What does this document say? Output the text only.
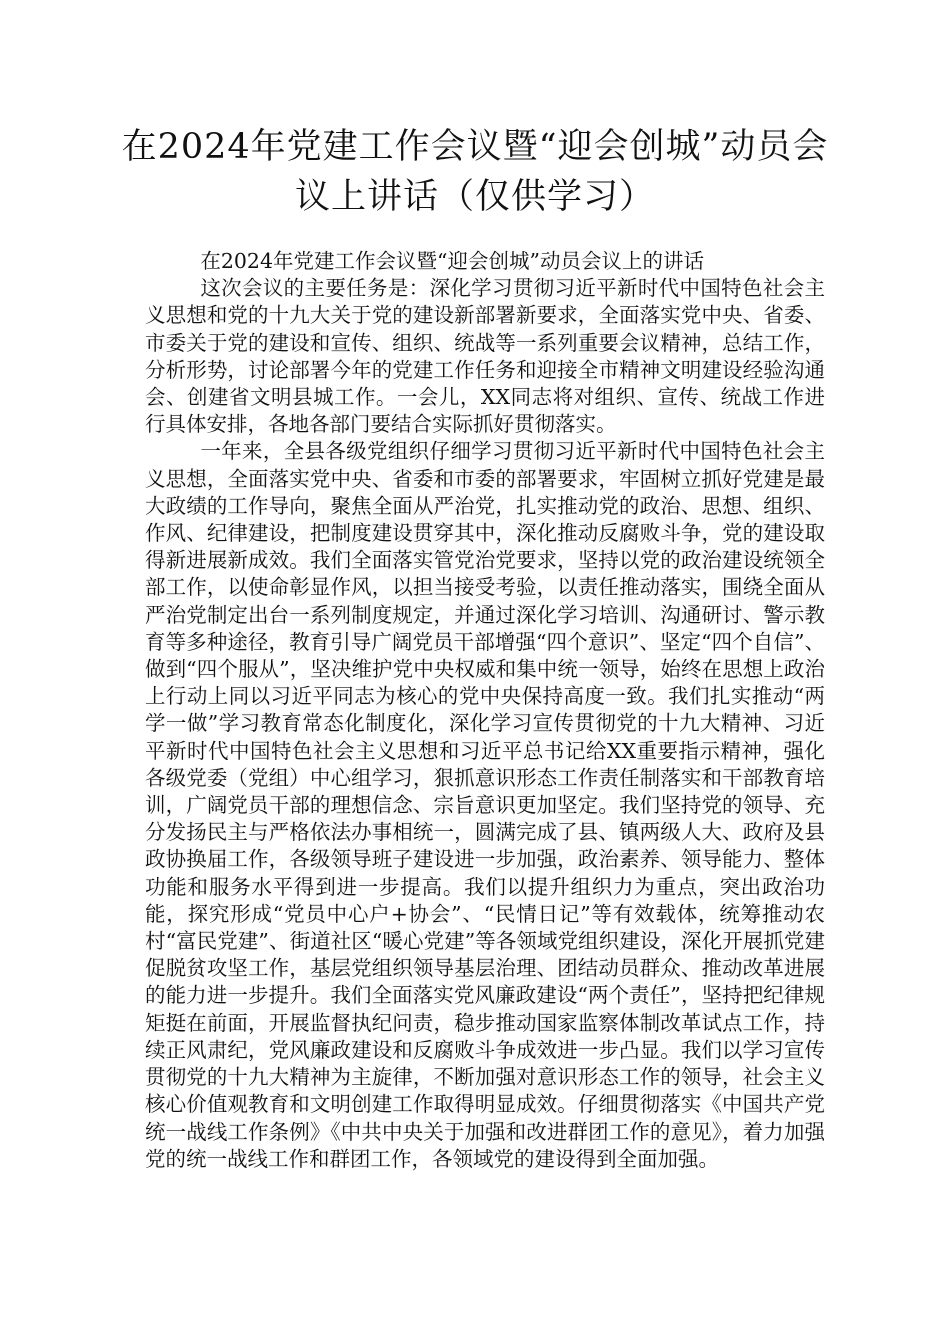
在2024年党建工作会议暨“迎会创城”动员会议上讲话（仅供学习）

在2024年党建工作会议暨“迎会创城”动员会议上的讲话

这次会议的主要任务是：深化学习贯彻习近平新时代中国特色社会主义思想和党的十九大关于党的建设新部署新要求，全面落实党中央、省委、市委关于党的建设和宣传、组织、统战等一系列重要会议精神，总结工作，分析形势，讨论部署今年的党建工作任务和迎接全市精神文明建设经验沟通会、创建省文明县城工作。一会儿，XX同志将对组织、宣传、统战工作进行具体安排，各地各部门要结合实际抓好贯彻落实。

一年来，全县各级党组织仔细学习贯彻习近平新时代中国特色社会主义思想，全面落实党中央、省委和市委的部署要求，牢固树立抓好党建是最大政绩的工作导向，聚焦全面从严治党，扎实推动党的政治、思想、组织、作风、纪律建设，把制度建设贯穿其中，深化推动反腐败斗争，党的建设取得新进展新成效。我们全面落实管党治党要求，坚持以党的政治建设统领全部工作，以使命彰显作风，以担当接受考验，以责任推动落实，围绕全面从严治党制定出台一系列制度规定，并通过深化学习培训、沟通研讨、警示教育等多种途径，教育引导广阔党员干部增强“四个意识”、坚定“四个自信”、做到“四个服从”，坚决维护党中央权威和集中统一领导，始终在思想上政治上行动上同以习近平同志为核心的党中央保持高度一致。我们扎实推动“两学一做”学习教育常态化制度化，深化学习宣传贯彻党的十九大精神、习近平新时代中国特色社会主义思想和习近平总书记给XX重要指示精神，强化各级党委（党组）中心组学习，狠抓意识形态工作责任制落实和干部教育培训，广阔党员干部的理想信念、宗旨意识更加坚定。我们坚持党的领导、充分发扬民主与严格依法办事相统一，圆满完成了县、镇两级人大、政府及县政协换届工作，各级领导班子建设进一步加强，政治素养、领导能力、整体功能和服务水平得到进一步提高。我们以提升组织力为重点，突出政治功能，探究形成“党员中心户+协会”、“民情日记”等有效载体，统筹推动农村“富民党建”、街道社区“暖心党建”等各领域党组织建设，深化开展抓党建促脱贫攻坚工作，基层党组织领导基层治理、团结动员群众、推动改革进展的能力进一步提升。我们全面落实党风廉政建设“两个责任”，坚持把纪律规矩挺在前面，开展监督执纪问责，稳步推动国家监察体制改革试点工作，持续正风肃纪，党风廉政建设和反腐败斗争成效进一步凸显。我们以学习宣传贯彻党的十九大精神为主旋律，不断加强对意识形态工作的领导，社会主义核心价值观教育和文明创建工作取得明显成效。仔细贯彻落实《中国共产党统一战线工作条例》《中共中央关于加强和改进群团工作的意见》，着力加强党的统一战线工作和群团工作，各领域党的建设得到全面加强。
